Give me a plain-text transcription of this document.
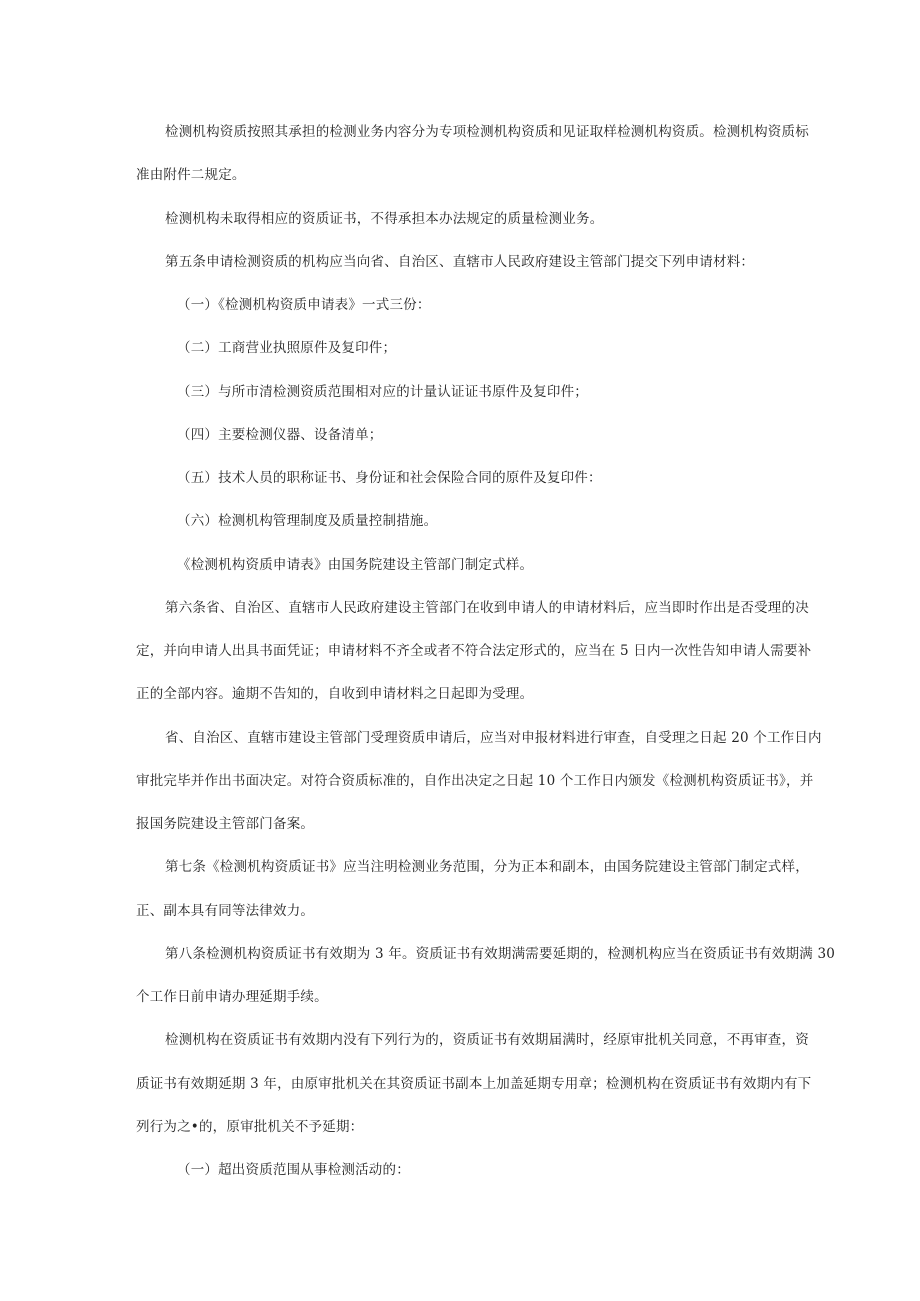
检测机构资质按照其承担的检测业务内容分为专项检测机构资质和见证取样检测机构资质。检测机构资质标
准由附件二规定。
检测机构未取得相应的资质证书，不得承担本办法规定的质量检测业务。
第五条申请检测资质的机构应当向省、自治区、直辖市人民政府建设主管部门提交下列申请材料：
（一）《检测机构资质申请表》一式三份：
（二）工商营业执照原件及复印件；
（三）与所市清检测资质范围相对应的计量认证证书原件及复印件；
（四）主要检测仪器、设备清单；
（五）技术人员的职称证书、身份证和社会保险合同的原件及复印件：
（六）检测机构管理制度及质量控制措施。
《检测机构资质申请表》由国务院建设主管部门制定式样。
第六条省、自治区、直辖市人民政府建设主管部门在收到申请人的申请材料后，应当即时作出是否受理的决
定，并向申请人出具书面凭证；申请材料不齐全或者不符合法定形式的，应当在 5 日内一次性告知申请人需要补
正的全部内容。逾期不告知的，自收到申请材料之日起即为受理。
省、自治区、直辖市建设主管部门受理资质申请后，应当对申报材料进行审查，自受理之日起 20 个工作日内
审批完毕并作出书面决定。对符合资质标准的，自作出决定之日起 10 个工作日内颁发《检测机构资质证书》，并
报国务院建设主管部门备案。
第七条《检测机构资质证书》应当注明检测业务范围，分为正本和副本，由国务院建设主管部门制定式样，
正、副本具有同等法律效力。
第八条检测机构资质证书有效期为 3 年。资质证书有效期满需要延期的，检测机构应当在资质证书有效期满 30
个工作日前申请办理延期手续。
检测机构在资质证书有效期内没有下列行为的，资质证书有效期届满时，经原审批机关同意，不再审查，资
质证书有效期延期 3 年，由原审批机关在其资质证书副本上加盖延期专用章；检测机构在资质证书有效期内有下
列行为之•的，原审批机关不予延期：
（一）超出资质范围从事检测活动的：
